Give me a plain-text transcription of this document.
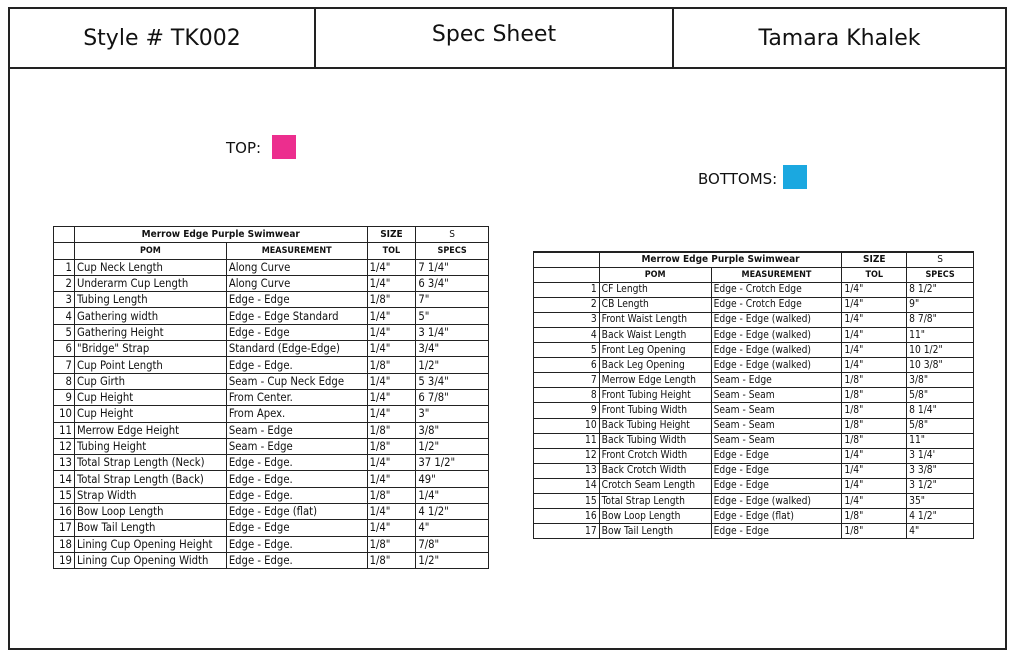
Style # TK002	Spec Sheet	Tamara Khalek
TOP:
BOTTOMS:
	Merrow Edge Purple Swimwear		SIZE	S
	POM	MEASUREMENT	TOL	SPECS
1	Cup Neck Length	Along Curve	1/4"	7 1/4"
2	Underarm Cup Length	Along Curve	1/4"	6 3/4"
3	Tubing Length	Edge - Edge	1/8"	7"
4	Gathering width	Edge - Edge Standard	1/4"	5"
5	Gathering Height	Edge - Edge	1/4"	3 1/4"
6	"Bridge" Strap	Standard (Edge-Edge)	1/4"	3/4"
7	Cup Point Length	Edge - Edge.	1/8"	1/2"
8	Cup Girth	Seam - Cup Neck Edge	1/4"	5 3/4"
9	Cup Height	From Center.	1/4"	6 7/8"
10	Cup Height	From Apex.	1/4"	3"
11	Merrow Edge Height	Seam - Edge	1/8"	3/8"
12	Tubing Height	Seam - Edge	1/8"	1/2"
13	Total Strap Length (Neck)	Edge - Edge.	1/4"	37 1/2"
14	Total Strap Length (Back)	Edge - Edge.	1/4"	49"
15	Strap Width	Edge - Edge.	1/8"	1/4"
16	Bow Loop Length	Edge - Edge (flat)	1/4"	4 1/2"
17	Bow Tail Length	Edge - Edge	1/4"	4"
18	Lining Cup Opening Height	Edge - Edge.	1/8"	7/8"
19	Lining Cup Opening Width	Edge - Edge.	1/8"	1/2"
	Merrow Edge Purple Swimwear		SIZE	S
	POM	MEASUREMENT	TOL	SPECS
1	CF Length	Edge - Crotch Edge	1/4"	8 1/2"
2	CB Length	Edge - Crotch Edge	1/4"	9"
3	Front Waist Length	Edge - Edge (walked)	1/4"	8 7/8"
4	Back Waist Length	Edge - Edge (walked)	1/4"	11"
5	Front Leg Opening	Edge - Edge (walked)	1/4"	10 1/2"
6	Back Leg Opening	Edge - Edge (walked)	1/4"	10 3/8"
7	Merrow Edge Length	Seam - Edge	1/8"	3/8"
8	Front Tubing Height	Seam - Seam	1/8"	5/8"
9	Front Tubing Width	Seam - Seam	1/8"	8 1/4"
10	Back Tubing Height	Seam - Seam	1/8"	5/8"
11	Back Tubing Width	Seam - Seam	1/8"	11"
12	Front Crotch Width	Edge - Edge	1/4"	3 1/4'
13	Back Crotch Width	Edge - Edge	1/4"	3 3/8"
14	Crotch Seam Length	Edge - Edge	1/4"	3 1/2"
15	Total Strap Length	Edge - Edge (walked)	1/4"	35"
16	Bow Loop Length	Edge - Edge (flat)	1/8"	4 1/2"
17	Bow Tail Length	Edge - Edge	1/8"	4"
